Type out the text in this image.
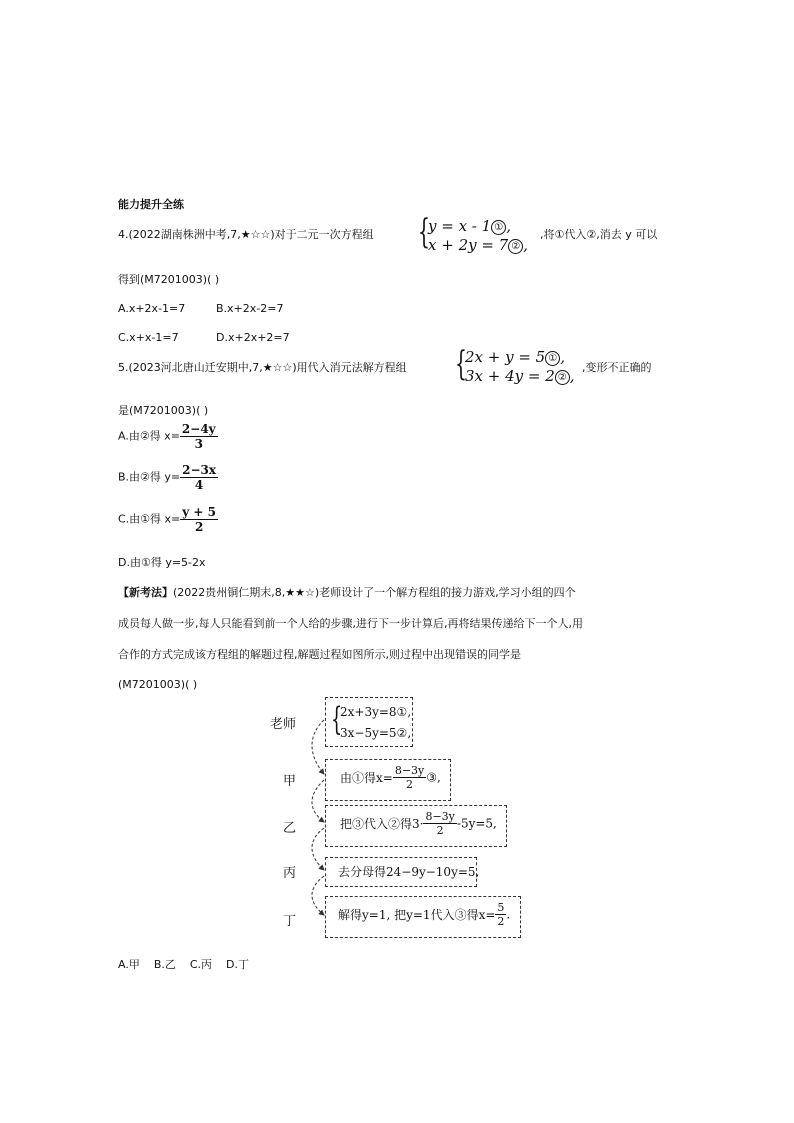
能力提升全练
4.(2022湖南株洲中考,7,★☆☆)对于二元一次方程组 {
y = x - 1 ① ,
x + 2y = 7 ② ,
,将①代入②,消去 y 可以
得到(M7201003)( )
A.x+2x-1=7	B.x+2x-2=7
C.x+x-1=7	D.x+2x+2=7
5.(2023河北唐山迁安期中,7,★☆☆)用代入消元法解方程组 {
2x + y = 5 ① ,
3x + 4y = 2 ② , ,变形不正确的
是(M7201003)( )
A.由②得 $x= \frac{2-4y}{3}$
B.由②得 $y= \frac{2-3x}{4}$
C.由①得 $x= \frac{y + 5}{2}$
D.由①得 y=5-2x
【新考法】(2022贵州铜仁期末,8,★★☆)老师设计了一个解方程组的接力游戏,学习小组的四个
成员每人做一步,每人只能看到前一个人给的步骤,进行下一步计算后,再将结果传递给下一个人,用
合作的方式完成该方程组的解题过程,解题过程如图所示,则过程中出现错误的同学是
(M7201003)( )
老师
甲
乙
丙
丁
{
2x+3y=8①,
3x−5y=5②,
由①得$x= \frac{8-3y}{2}$ ③,
把③代入②得$3\cdot \frac{8-3y}{2} -5y=5$,
去分母得24−9y−10y=5,
解得y=1, 把y=1代入③得$x= \frac{5}{2}$ .
A.甲    B.乙    C.丙    D.丁
